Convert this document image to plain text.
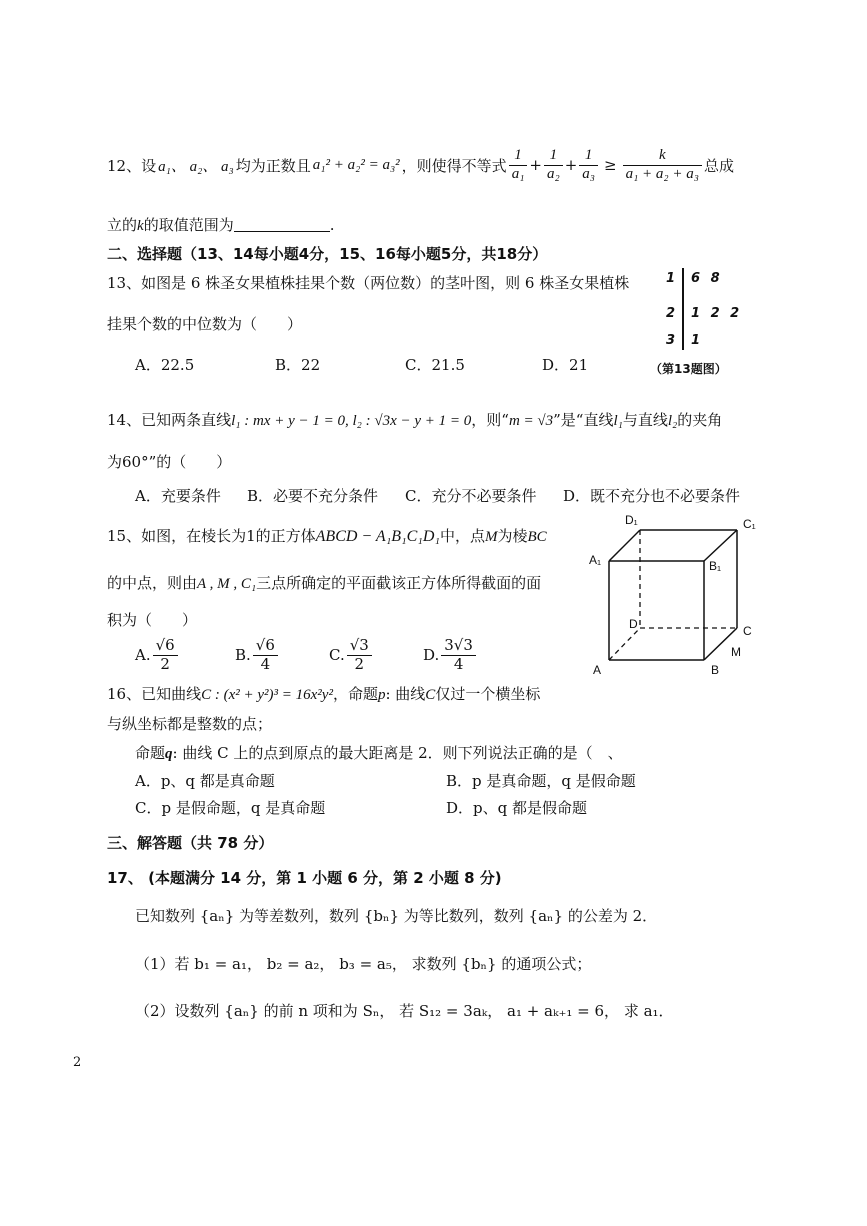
12、 设 a₁、 a₂、 a₃ 均为正数且 a₁² + a₂² = a₃² ，则使得不等式 $\frac{1}{\text{a₁}} + \frac{1}{\text{a₂}} + \frac{1}{\text{a₃}} \ge \frac{k}{\text{a₁ + a₂ + a₃}}$ 总成
立的k的取值范围为	.
二、选择题（13、14每小题4分，15、16每小题5分，共18分）
13、如图是 6 株圣女果植株挂果个数（两位数）的茎叶图，则 6 株圣女果植株
挂果个数的中位数为（　　）
A．22.5	B．22	C．21.5	D．21
1 6 8
2 1 2 2
3 1
（第13题图）
14、已知两条直线l₁ : mx + y − 1 = 0, l₂ : √3x − y + 1 = 0，则“m = √3”是“直线l₁与直线l₂的夹角
为60°”的（　　）
A．充要条件 B．必要不充分条件 C．充分不必要条件 D．既不充分也不必要条件
15、如图，在棱长为1的正方体ABCD − A₁B₁C₁D₁中，点M为棱BC
的中点，则由A , M , C₁三点所确定的平面截该正方体所得截面的面
积为（　　）
A. $\frac{√6}{2}$	B. $\frac{√6}{4}$	C. $\frac{√3}{2}$	D. $\frac{3√3}{4}$
D₁	C₁
A₁	B₁
D	C
A	B
M
16、已知曲线C : (x² + y²)³ = 16x²y²，命题p: 曲线C仅过一个横坐标
与纵坐标都是整数的点；
命题q: 曲线 C 上的点到原点的最大距离是 2．则下列说法正确的是（　、
A．p、q 都是真命题	B．p 是真命题，q 是假命题
C．p 是假命题，q 是真命题	D．p、q 都是假命题
三、解答题（共 78 分）
17、 (本题满分 14 分，第 1 小题 6 分，第 2 小题 8 分)
已知数列 {aₙ} 为等差数列，数列 {bₙ} 为等比数列，数列 {aₙ} 的公差为 2．
（1）若 b₁ = a₁， b₂ = a₂， b₃ = a₅， 求数列 {bₙ} 的通项公式；
（2）设数列 {aₙ} 的前 n 项和为 Sₙ， 若 S₁₂ = 3aₖ， a₁ + aₖ₊₁ = 6， 求 a₁．
2
